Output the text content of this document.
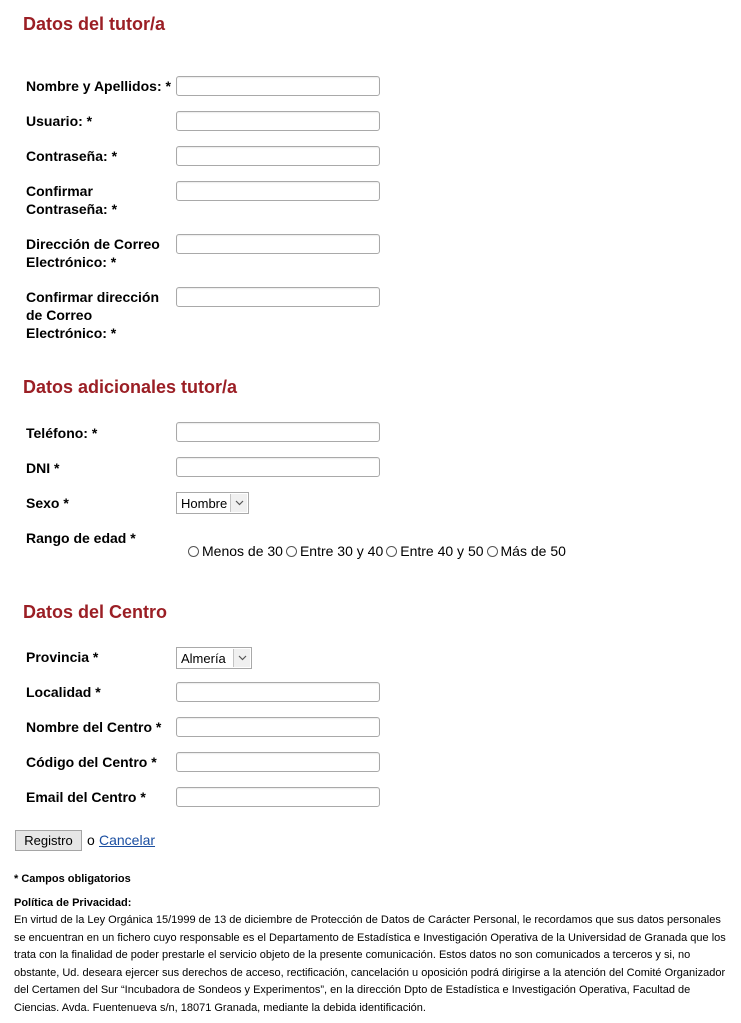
Datos del tutor/a
Nombre y Apellidos: *
Usuario: *
Contraseña: *
Confirmar Contraseña: *
Dirección de Correo Electrónico: *
Confirmar dirección de Correo Electrónico: *
Datos adicionales tutor/a
Teléfono: *
DNI *
Sexo *	Hombre
Rango de edad *
Menos de 30 Entre 30 y 40 Entre 40 y 50 Más de 50
Datos del Centro
Provincia *	Almería
Localidad *
Nombre del Centro *
Código del Centro *
Email del Centro *
Registro	o Cancelar
* Campos obligatorios
Política de Privacidad:

En virtud de la Ley Orgánica 15/1999 de 13 de diciembre de Protección de Datos de Carácter Personal, le recordamos que sus datos personales se encuentran en un fichero cuyo responsable es el Departamento de Estadística e Investigación Operativa de la Universidad de Granada que los trata con la finalidad de poder prestarle el servicio objeto de la presente comunicación. Estos datos no son comunicados a terceros y si, no obstante, Ud. deseara ejercer sus derechos de acceso, rectificación, cancelación u oposición podrá dirigirse a la atención del Comité Organizador del Certamen del Sur “Incubadora de Sondeos y Experimentos”, en la dirección Dpto de Estadística e Investigación Operativa, Facultad de Ciencias. Avda. Fuentenueva s/n, 18071 Granada, mediante la debida identificación.
